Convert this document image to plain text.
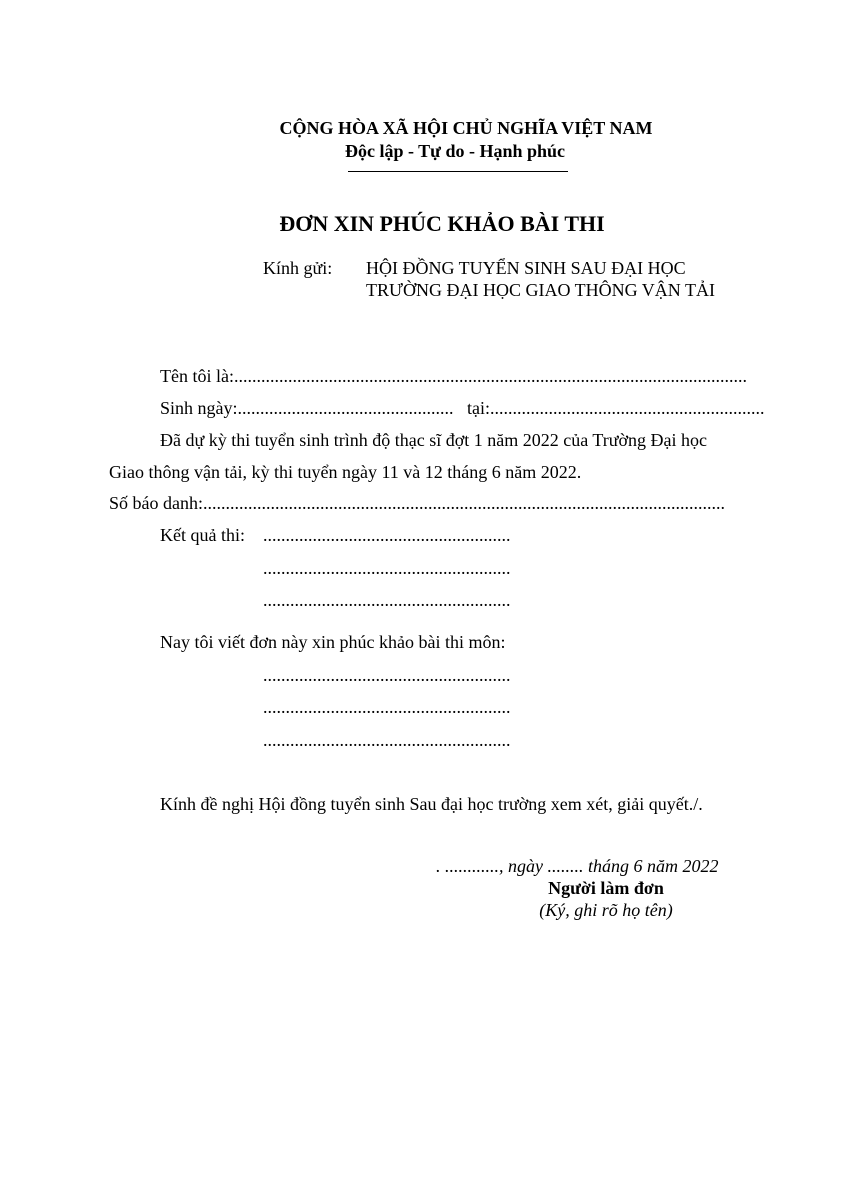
CỘNG HÒA XÃ HỘI CHỦ NGHĨA VIỆT NAM
Độc lập - Tự do - Hạnh phúc
ĐƠN XIN PHÚC KHẢO BÀI THI
Kính gửi: HỘI ĐỒNG TUYỂN SINH SAU ĐẠI HỌC
TRƯỜNG ĐẠI HỌC GIAO THÔNG VẬN TẢI
Tên tôi là:..................................................................................................................
Sinh ngày:................................................ tại:.............................................................
Đã dự kỳ thi tuyển sinh trình độ thạc sĩ đợt 1 năm 2022 của Trường Đại học
Giao thông vận tải, kỳ thi tuyển ngày 11 và 12 tháng 6 năm 2022.
Số báo danh:....................................................................................................................
Kết quả thi: .......................................................
.......................................................
.......................................................
Nay tôi viết đơn này xin phúc khảo bài thi môn:
.......................................................
.......................................................
.......................................................
Kính đề nghị Hội đồng tuyển sinh Sau đại học trường xem xét, giải quyết./.
. ............, ngày ........ tháng 6 năm 2022
Người làm đơn
(Ký, ghi rõ họ tên)
